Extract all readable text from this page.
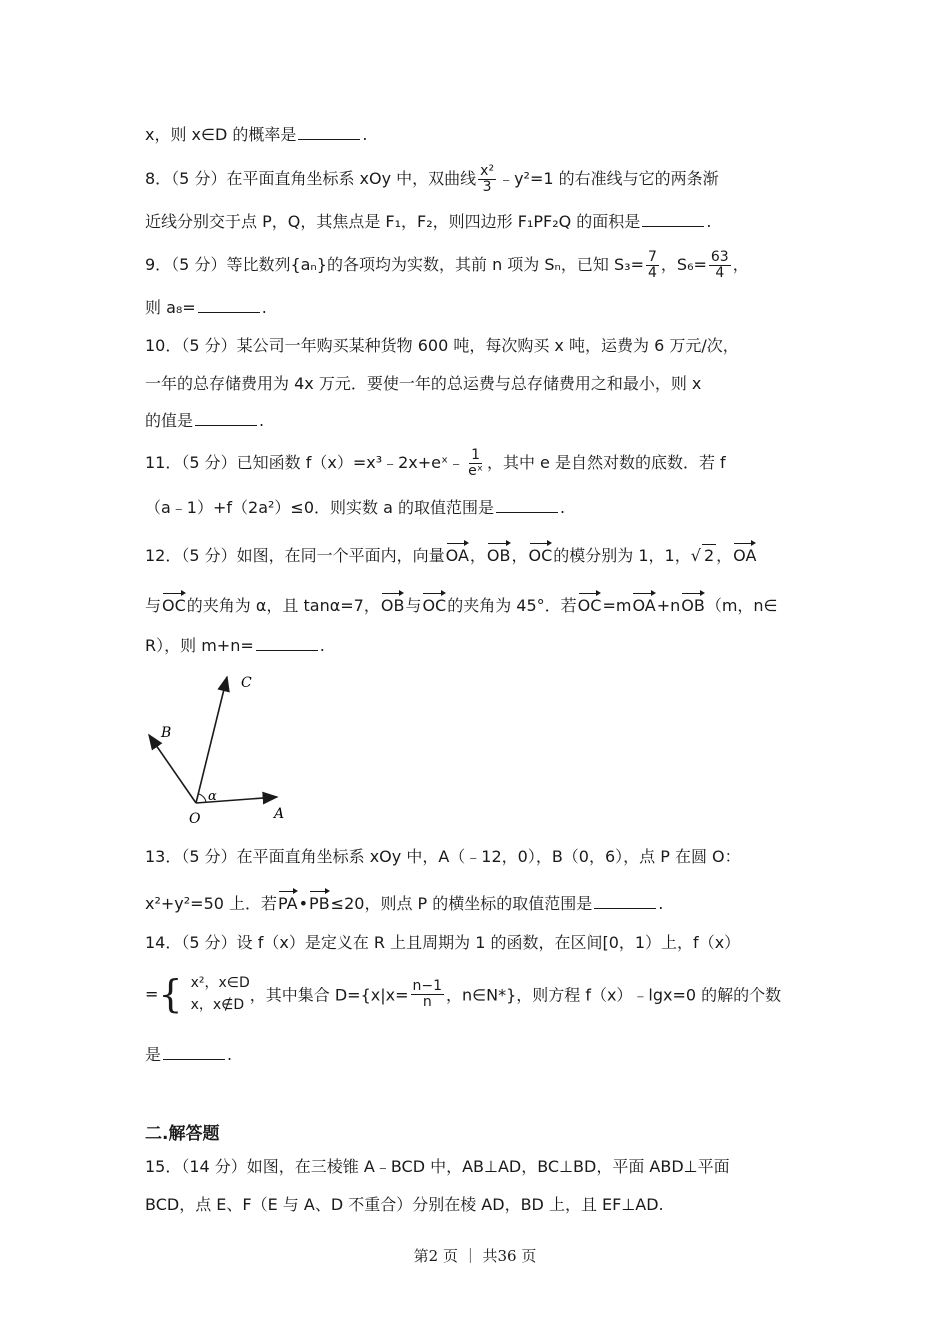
x，则 x∈D 的概率是	.
8．（5 分）在平面直角坐标系 xOy 中，双曲线 $\frac{\text{x²}}{3}$ ﹣y²=1 的右准线与它的两条渐
近线分别交于点 P，Q，其焦点是 F₁，F₂，则四边形 F₁PF₂Q 的面积是	.
9．（5 分）等比数列{aₙ}的各项均为实数，其前 n 项为 Sₙ，已知 $S_3= \frac{7}{4}$ ，$S_6= \frac{63}{4}$ ，
则 a₈=	.
10．（5 分）某公司一年购买某种货物 600 吨，每次购买 x 吨，运费为 6 万元/次，
一年的总存储费用为 4x 万元．要使一年的总运费与总存储费用之和最小，则 x
的值是	.
11．（5 分）已知函数 f（x）=x³﹣2x+eˣ﹣ $\frac{1}{\text{eˣ}}$ ，其中 e 是自然对数的底数．若 f
（a﹣1）+f（2a²）≤0．则实数 a 的取值范围是	.
12．（5 分）如图，在同一个平面内，向量OA，OB，OC的模分别为 1，1，√ 2 ，OA
与OC的夹角为 α，且 tanα=7，OB与OC的夹角为 45°．若OC=mOA+nOB（m，n∈
R），则 m+n=	.
O	A
B
C
α
13．（5 分）在平面直角坐标系 xOy 中，A（﹣12，0），B（0，6），点 P 在圆 O：
x²+y²=50 上．若PA•PB≤20，则点 P 的横坐标的取值范围是	.
14．（5 分）设 f（x）是定义在 R 上且周期为 1 的函数，在区间[0，1）上，f（x）
={ x²，x∈D
x，x∉D
，其中集合 $D=\{x|x= \frac{n-1}{n}$ ，n∈N*}，则方程 f（x）﹣lgx=0 的解的个数
是	.
二.解答题
15．（14 分）如图，在三棱锥 A﹣BCD 中，AB⊥AD，BC⊥BD，平面 ABD⊥平面
BCD，点 E、F（E 与 A、D 不重合）分别在棱 AD，BD 上，且 EF⊥AD.
第2 页 ｜ 共36 页
